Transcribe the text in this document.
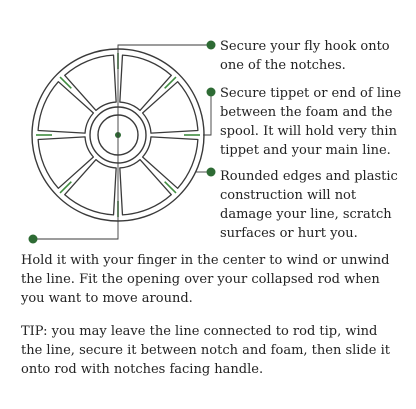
Secure your fly hook onto one of the notches.

Secure tippet or end of line between the foam and the spool. It will hold very thin tippet and your main line.

Rounded edges and plastic construction will not damage your line, scratch surfaces or hurt you.

Hold it with your finger in the center to wind or unwind the line. Fit the opening over your collapsed rod when you want to move around.

TIP: you may leave the line connected to rod tip, wind the line, secure it between notch and foam, then slide it onto rod with notches facing handle.
